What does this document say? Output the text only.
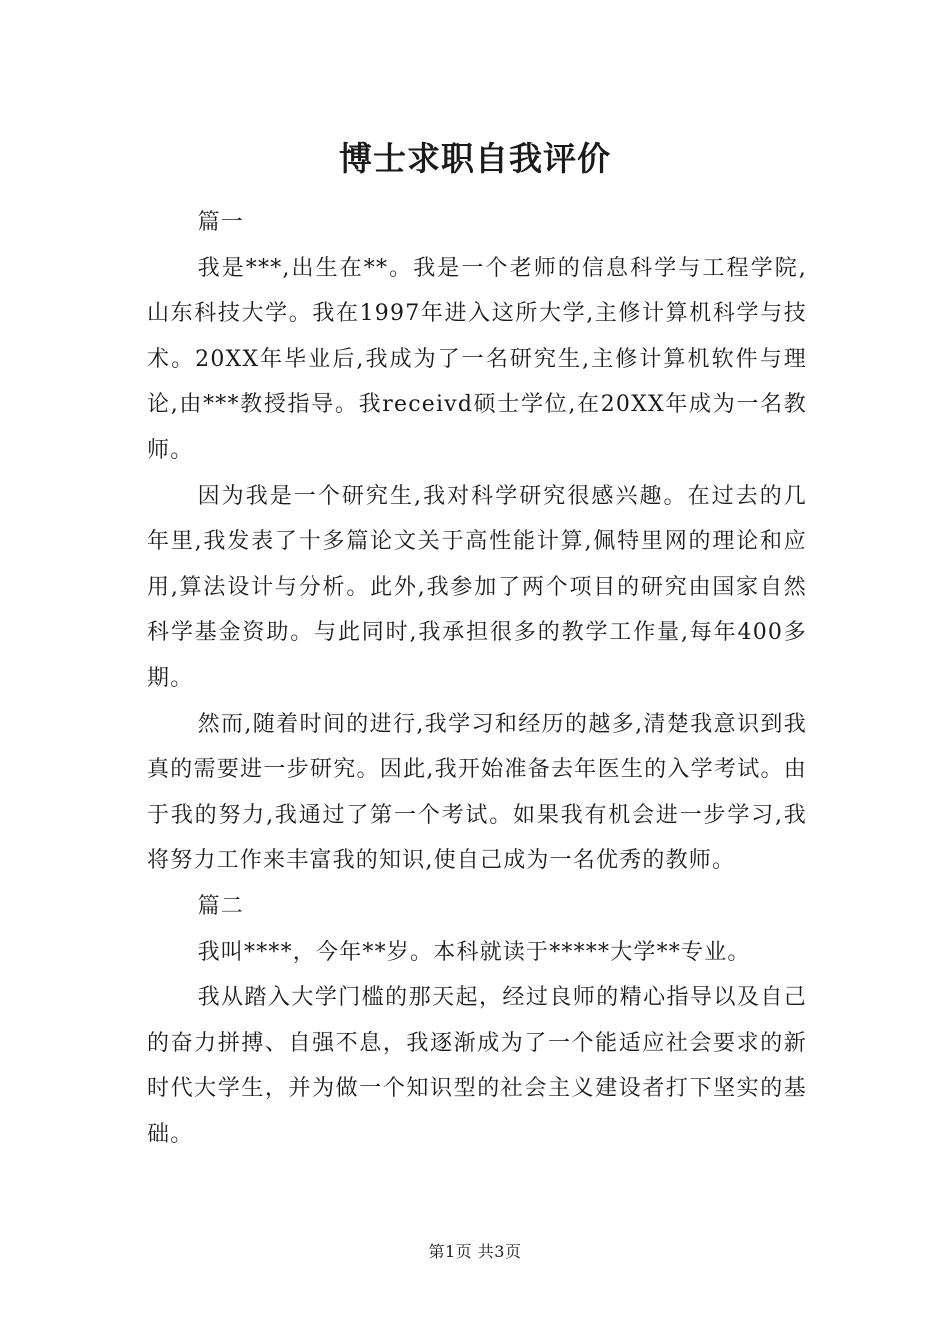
博士求职自我评价

篇一

我是***,出生在**。我是一个老师的信息科学与工程学院,山东科技大学。我在1997年进入这所大学,主修计算机科学与技术。20XX年毕业后,我成为了一名研究生,主修计算机软件与理论,由***教授指导。我receivd硕士学位,在20XX年成为一名教师。

因为我是一个研究生,我对科学研究很感兴趣。在过去的几年里,我发表了十多篇论文关于高性能计算,佩特里网的理论和应用,算法设计与分析。此外,我参加了两个项目的研究由国家自然科学基金资助。与此同时,我承担很多的教学工作量,每年400多期。

然而,随着时间的进行,我学习和经历的越多,清楚我意识到我真的需要进一步研究。因此,我开始准备去年医生的入学考试。由于我的努力,我通过了第一个考试。如果我有机会进一步学习,我将努力工作来丰富我的知识,使自己成为一名优秀的教师。

篇二

我叫****，今年**岁。本科就读于*****大学**专业。

我从踏入大学门槛的那天起，经过良师的精心指导以及自己的奋力拼搏、自强不息，我逐渐成为了一个能适应社会要求的新时代大学生，并为做一个知识型的社会主义建设者打下坚实的基础。

第1页 共3页
